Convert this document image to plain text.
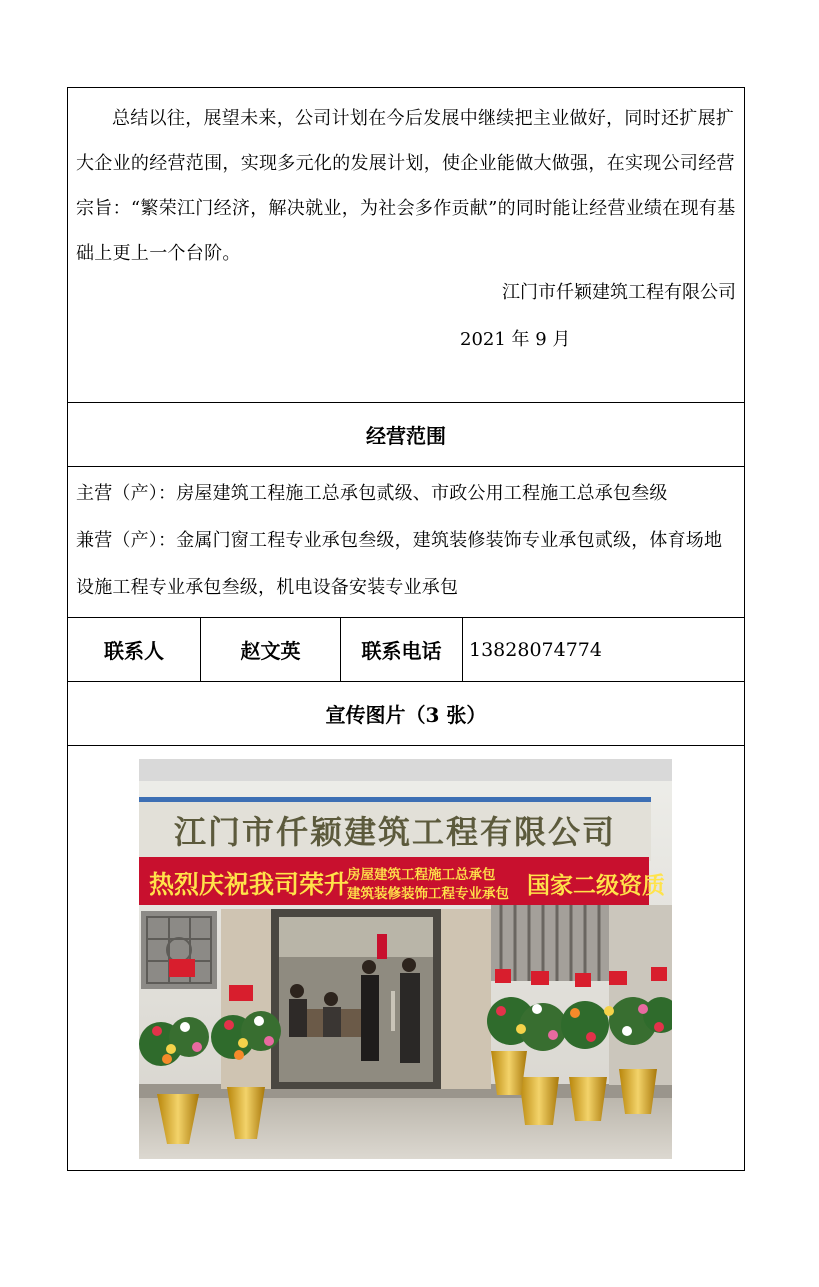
总结以往，展望未来，公司计划在今后发展中继续把主业做好，同时还扩展扩大企业的经营范围，实现多元化的发展计划，使企业能做大做强，在实现公司经营宗旨：“繁荣江门经济，解决就业，为社会多作贡献”的同时能让经营业绩在现有基础上更上一个台阶。
江门市仟颖建筑工程有限公司
2021 年 9 月
经营范围
主营（产）：房屋建筑工程施工总承包贰级、市政公用工程施工总承包叁级
兼营（产）：金属门窗工程专业承包叁级，建筑装修装饰专业承包贰级，体育场地设施工程专业承包叁级，机电设备安装专业承包
联系人	赵文英	联系电话	13828074774
宣传图片（3 张）
江门市仟颖建筑工程有限公司
热烈庆祝我司荣升
房屋建筑工程施工总承包
建筑装修装饰工程专业承包 国家二级资质
